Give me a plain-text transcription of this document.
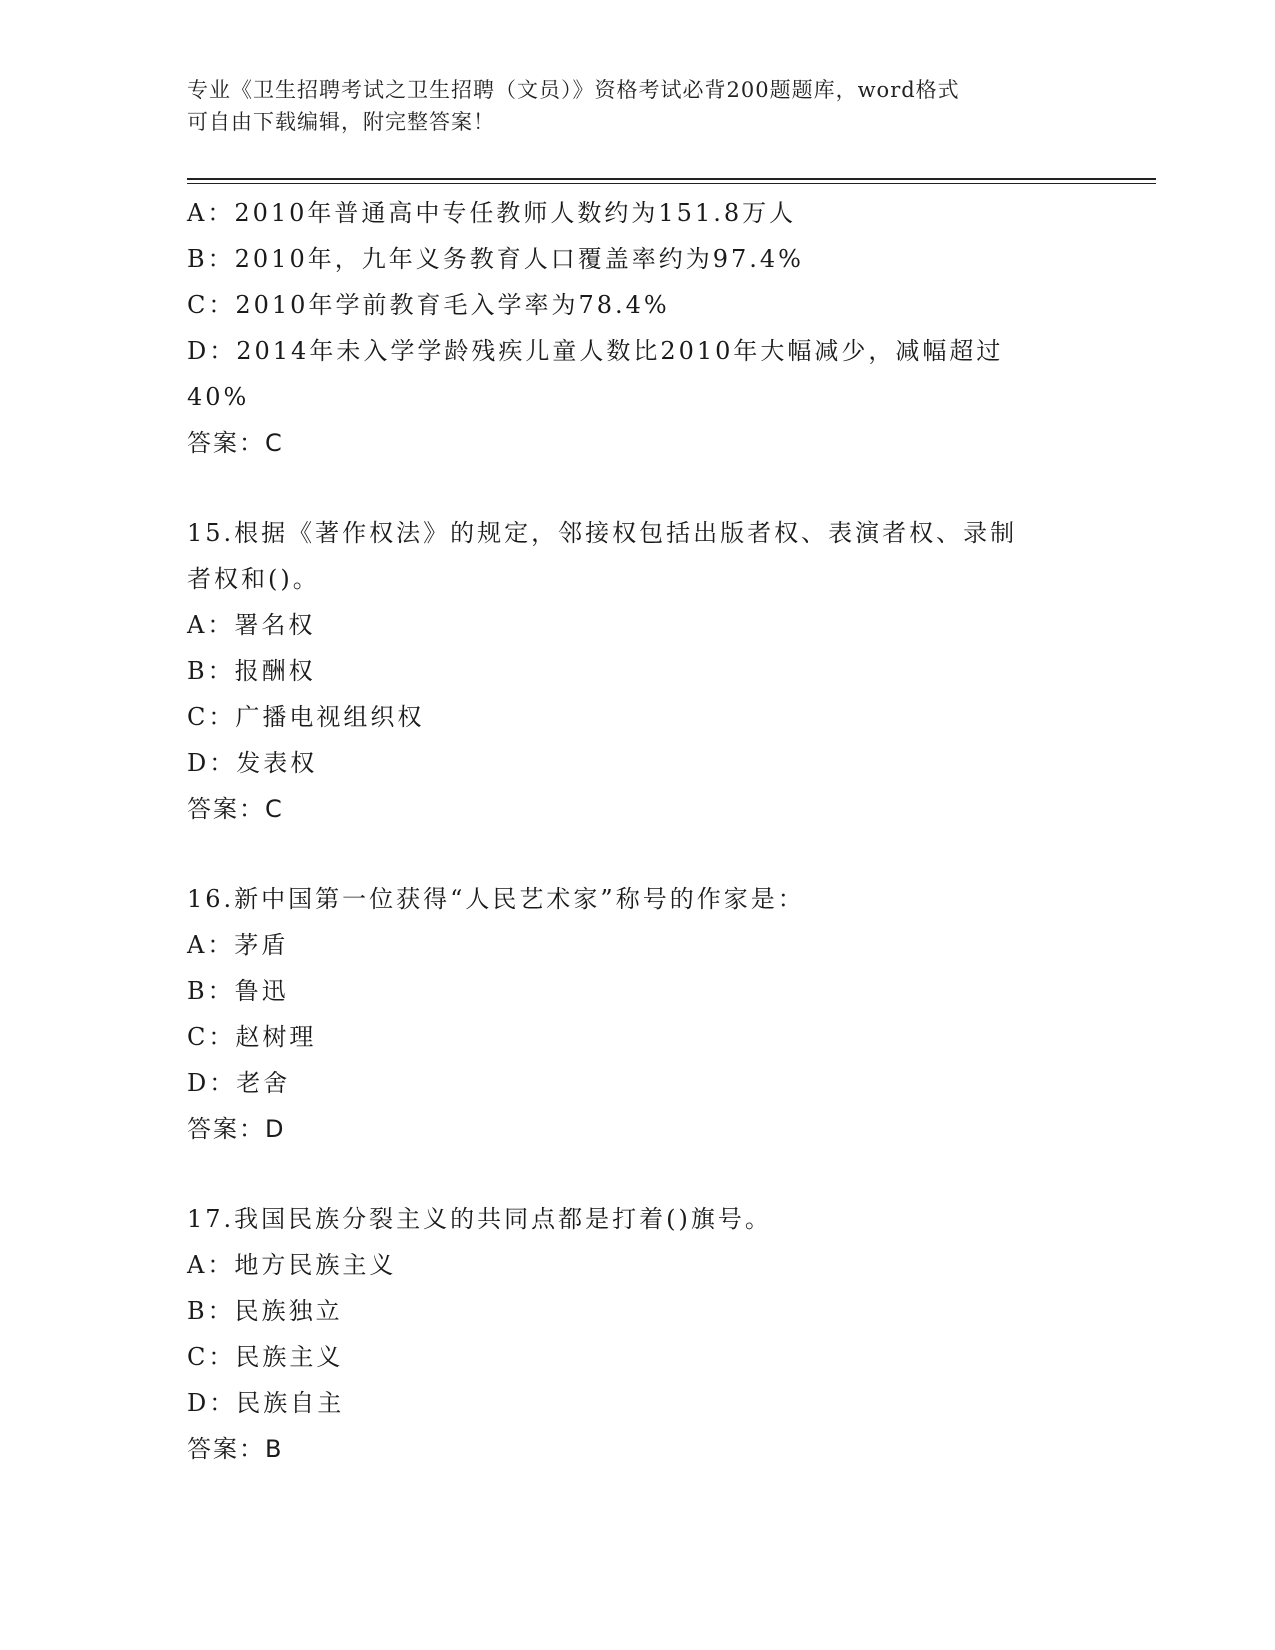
专业《卫生招聘考试之卫生招聘（文员）》资格考试必背200题题库，word格式
可自由下载编辑，附完整答案！
A：2010年普通高中专任教师人数约为151.8万人
B：2010年，九年义务教育人口覆盖率约为97.4%
C：2010年学前教育毛入学率为78.4%
D：2014年未入学学龄残疾儿童人数比2010年大幅减少，减幅超过
40%
答案：C
15.根据《著作权法》的规定，邻接权包括出版者权、表演者权、录制
者权和()。
A：署名权
B：报酬权
C：广播电视组织权
D：发表权
答案：C
16.新中国第一位获得“人民艺术家”称号的作家是：
A：茅盾
B：鲁迅
C：赵树理
D：老舍
答案：D
17.我国民族分裂主义的共同点都是打着()旗号。
A：地方民族主义
B：民族独立
C：民族主义
D：民族自主
答案：B
